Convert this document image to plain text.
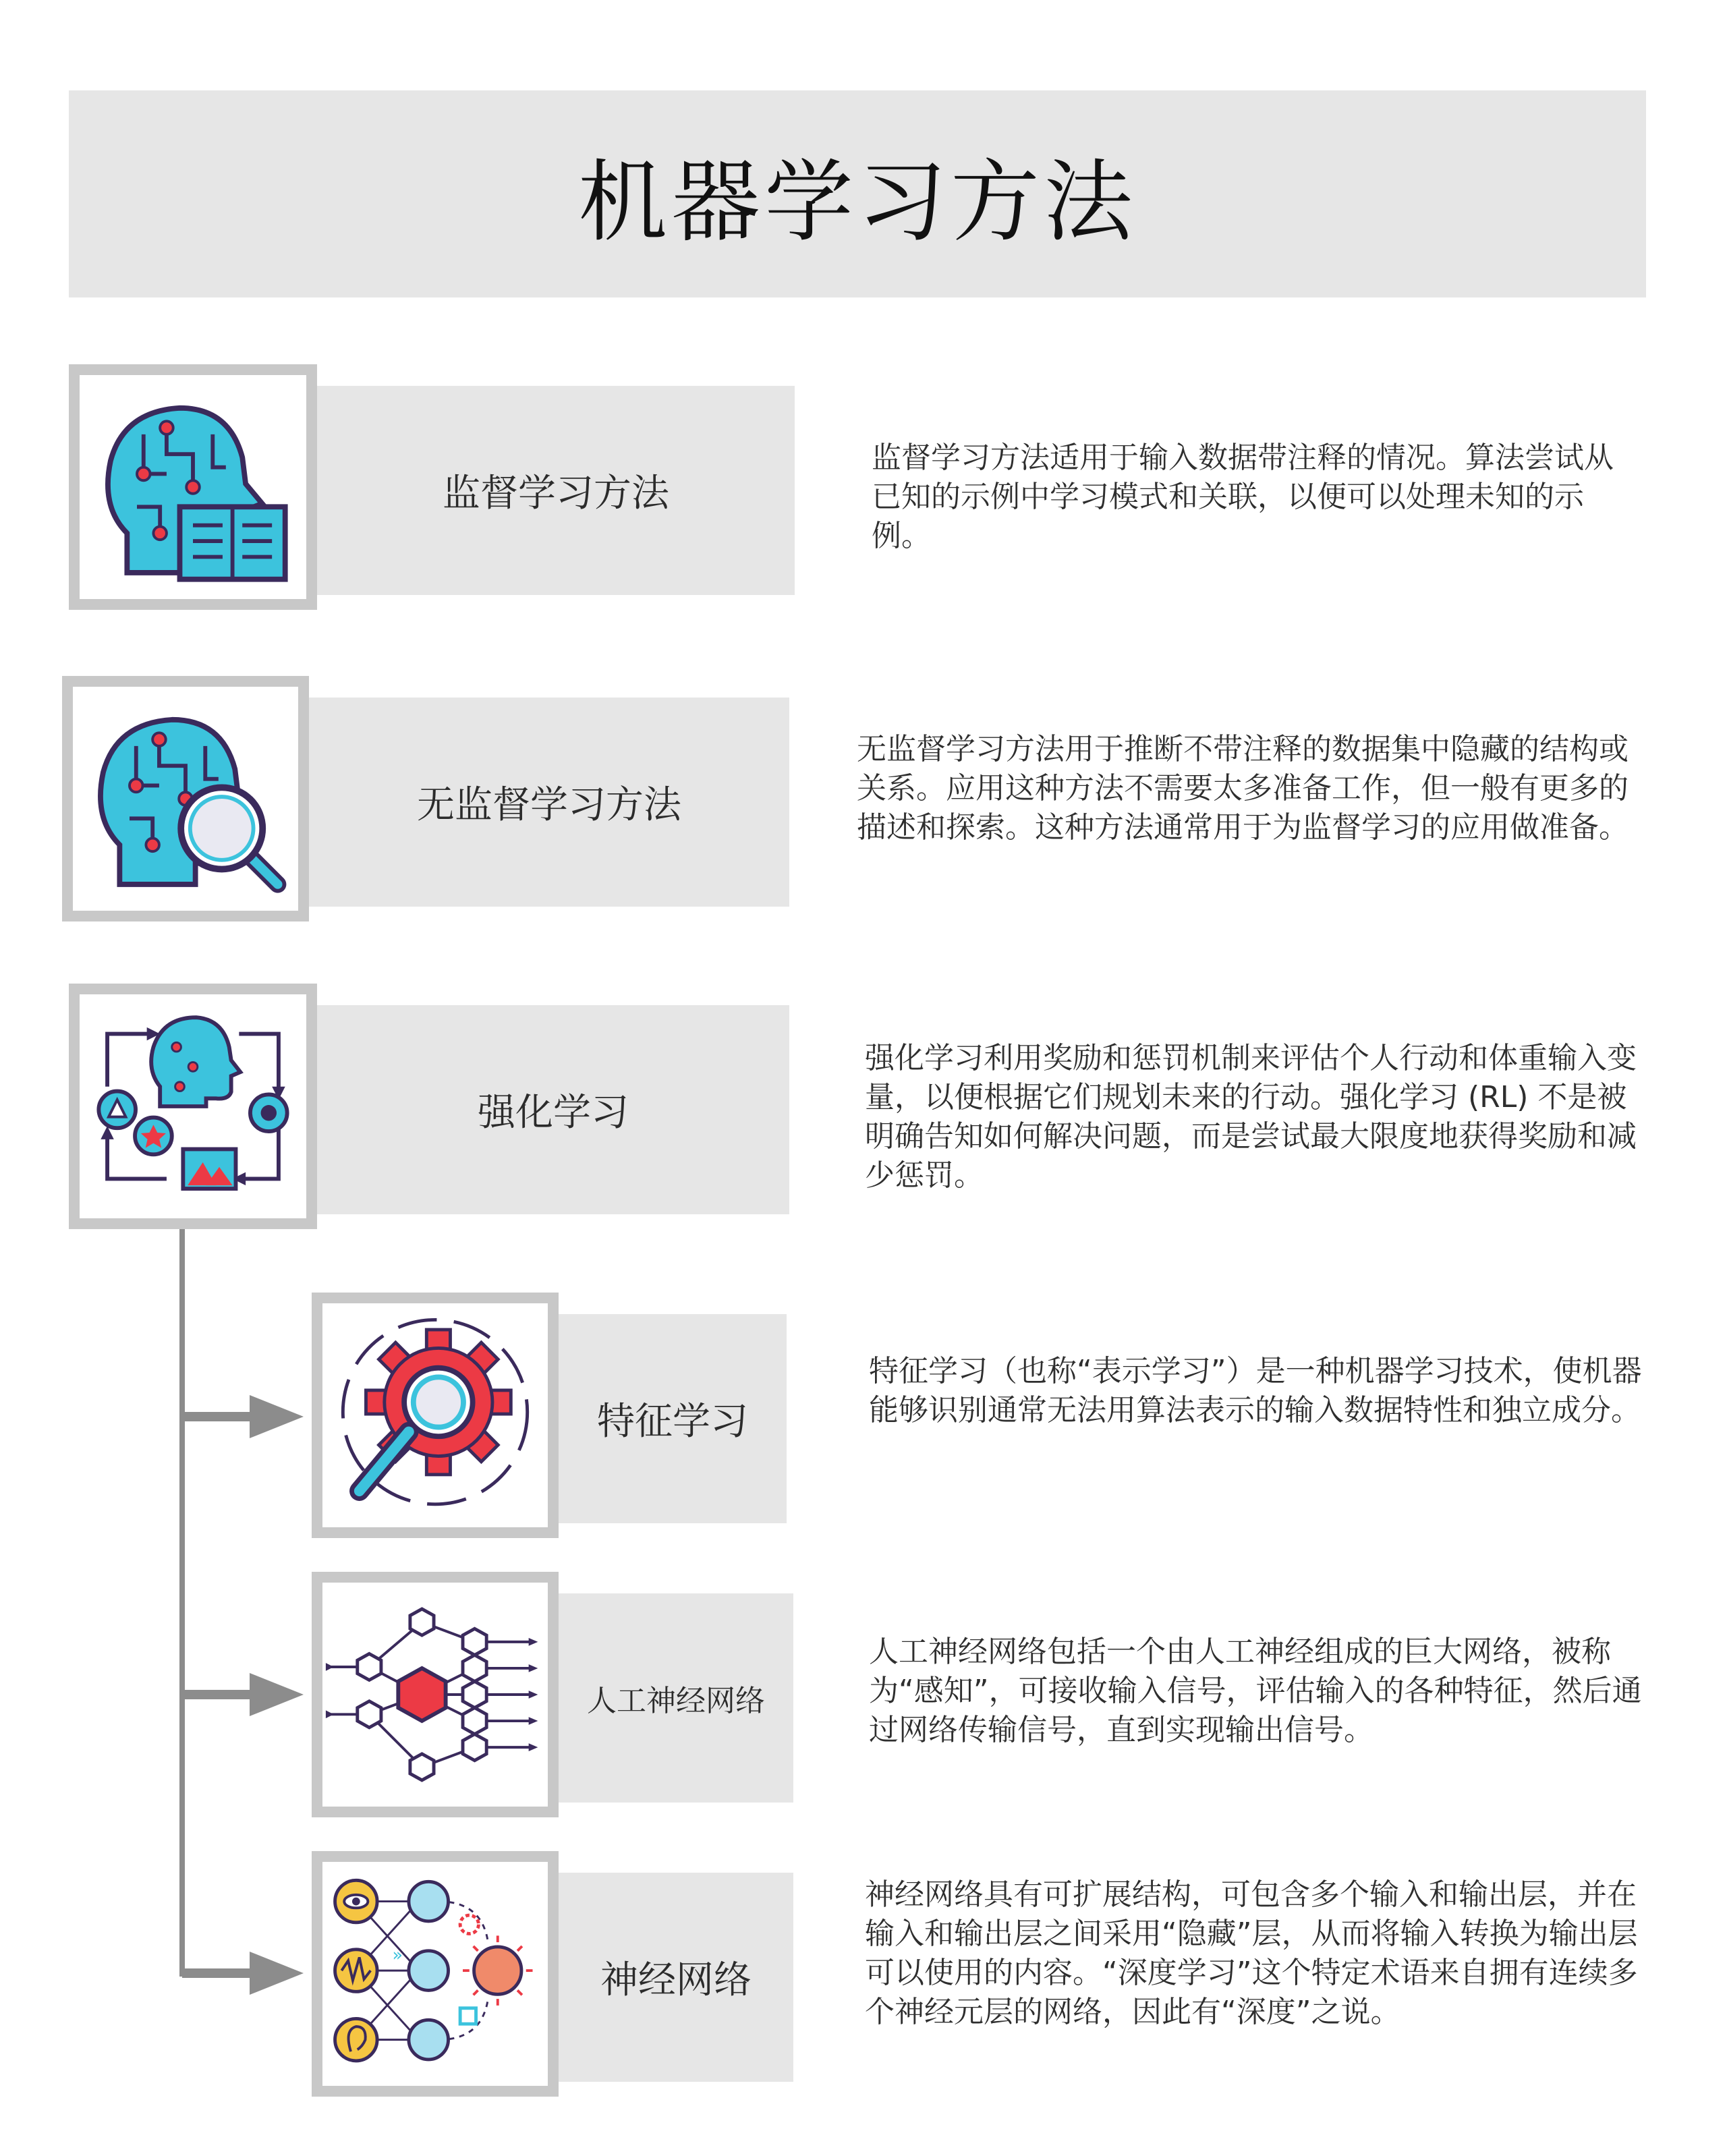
机器学习方法
监督学习方法

监督学习方法适用于输入数据带注释的情况。算法尝试从已知的示例中学习模式和关联，以便可以处理未知的示例。

无监督学习方法

无监督学习方法用于推断不带注释的数据集中隐藏的结构或关系。应用这种方法不需要太多准备工作，但一般有更多的描述和探索。这种方法通常用于为监督学习的应用做准备。

强化学习

强化学习利用奖励和惩罚机制来评估个人行动和体重输入变量，以便根据它们规划未来的行动。强化学习 (RL) 不是被明确告知如何解决问题，而是尝试最大限度地获得奖励和减少惩罚。

特征学习

特征学习（也称“表示学习”）是一种机器学习技术，使机器能够识别通常无法用算法表示的输入数据特性和独立成分。

人工神经网络

人工神经网络包括一个由人工神经组成的巨大网络，被称为“感知”，可接收输入信号，评估输入的各种特征，然后通过网络传输信号，直到实现输出信号。

神经网络
»

神经网络具有可扩展结构，可包含多个输入和输出层，并在输入和输出层之间采用“隐藏”层，从而将输入转换为输出层可以使用的内容。“深度学习”这个特定术语来自拥有连续多个神经元层的网络，因此有“深度”之说。
